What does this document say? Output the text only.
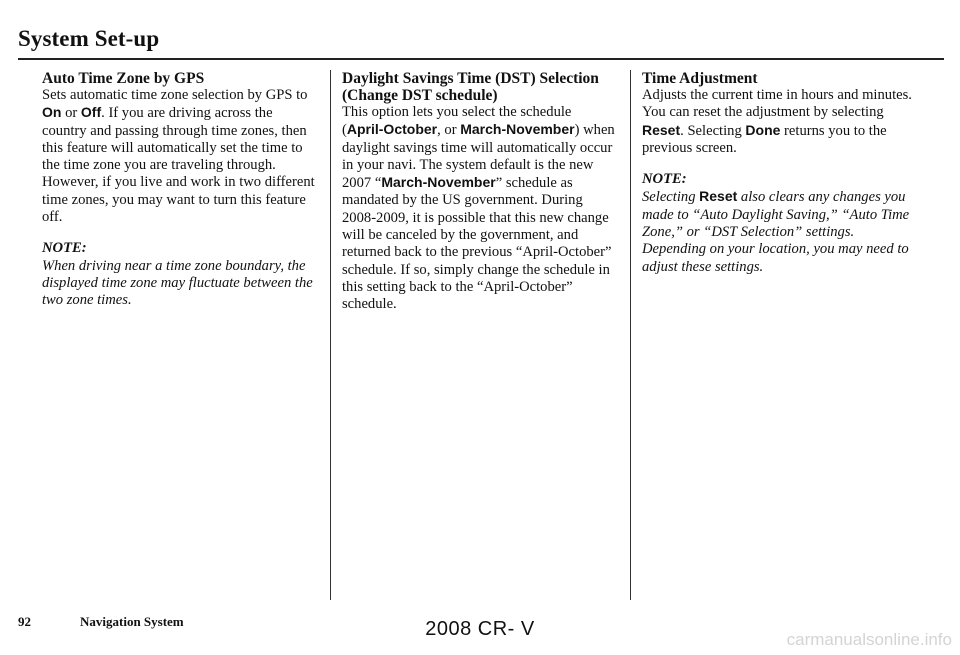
System Set-up
Auto Time Zone by GPS

Sets automatic time zone selection by GPS to On or Off. If you are driving across the country and passing through time zones, then this feature will automatically set the time to the time zone you are traveling through. However, if you live and work in two different time zones, you may want to turn this feature off.

NOTE:

When driving near a time zone boundary, the displayed time zone may fluctuate between the two zone times.

Daylight Savings Time (DST) Selection (Change DST schedule)

This option lets you select the schedule (April-October, or March-November) when daylight savings time will automatically occur in your navi. The system default is the new 2007 “March-November” schedule as mandated by the US government. During 2008-2009, it is possible that this new change will be canceled by the government, and returned back to the previous “April-October” schedule. If so, simply change the schedule in this setting back to the “April-October” schedule.

Time Adjustment

Adjusts the current time in hours and minutes. You can reset the adjustment by selecting Reset. Selecting Done returns you to the previous screen.

NOTE:

Selecting Reset also clears any changes you made to “Auto Daylight Saving,” “Auto Time Zone,” or “DST Selection” settings. Depending on your location, you may need to adjust these settings.

92	Navigation System	2008 CR- V	carmanualsonline.info
